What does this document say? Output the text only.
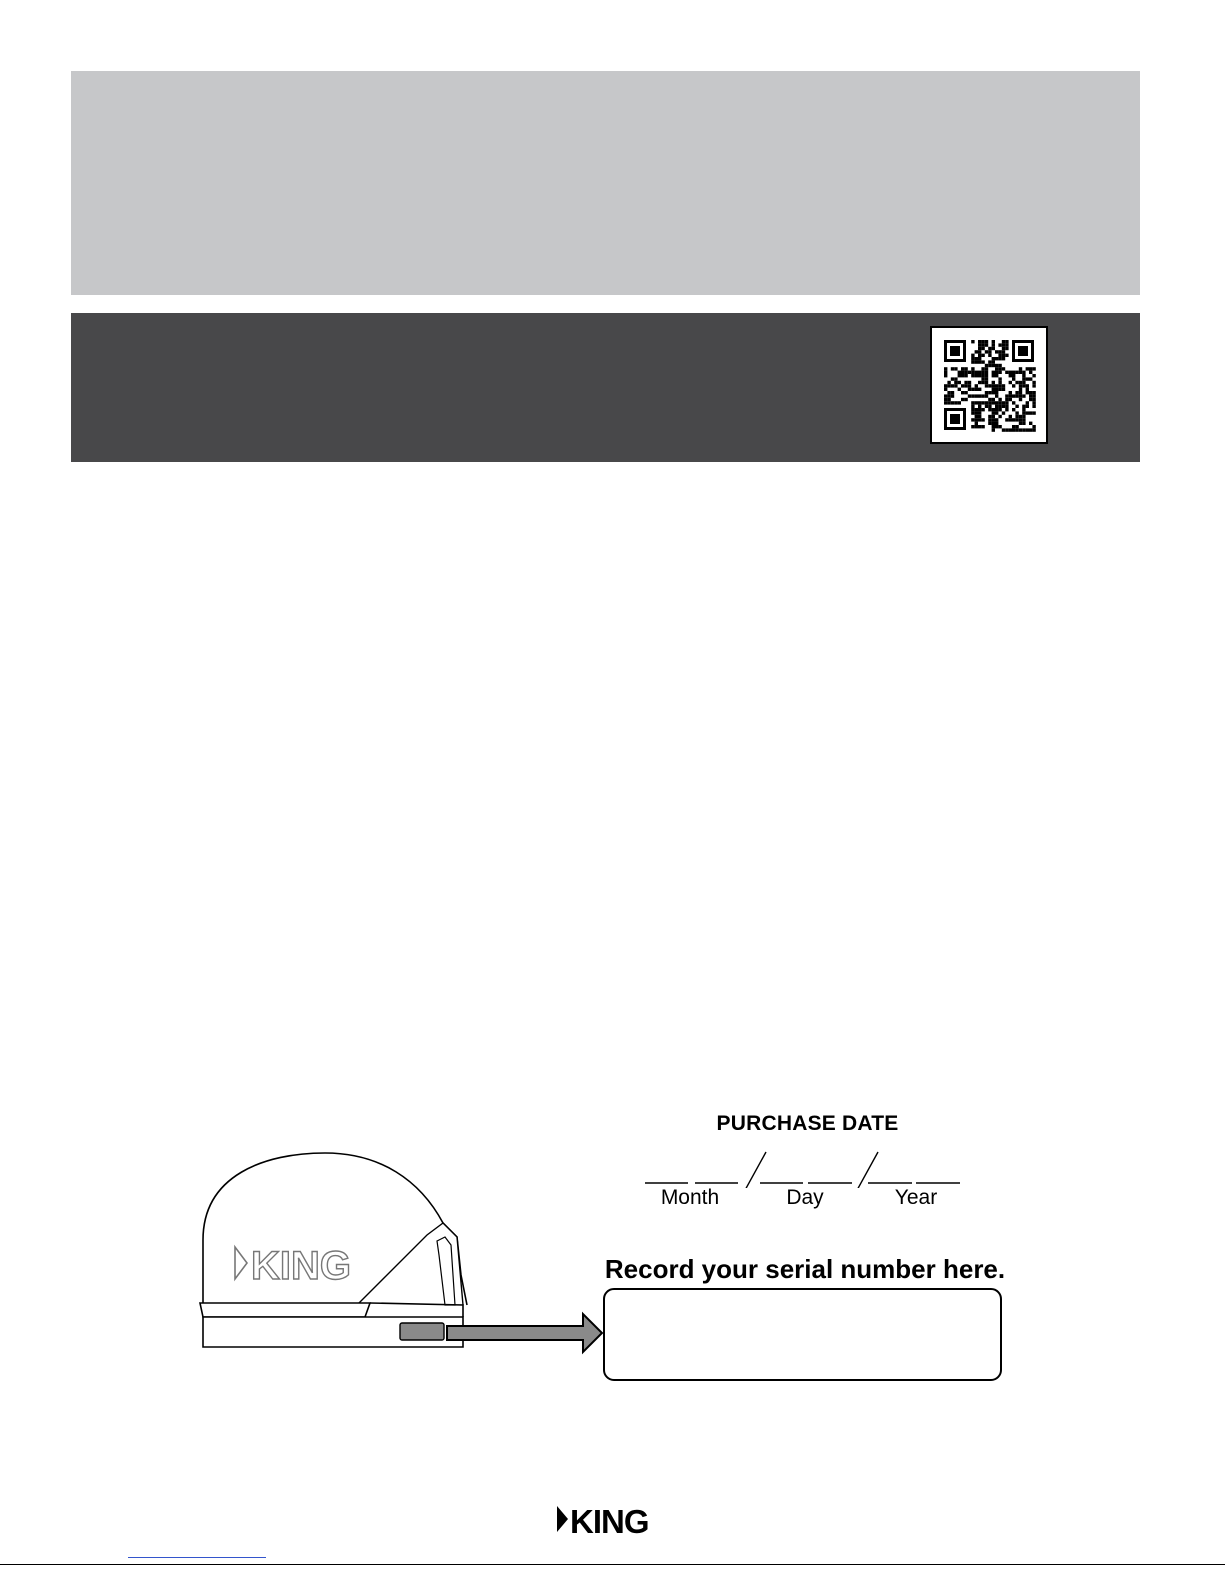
KING
PURCHASE DATE
Month	Day	Year
Record your serial number here.
KING
